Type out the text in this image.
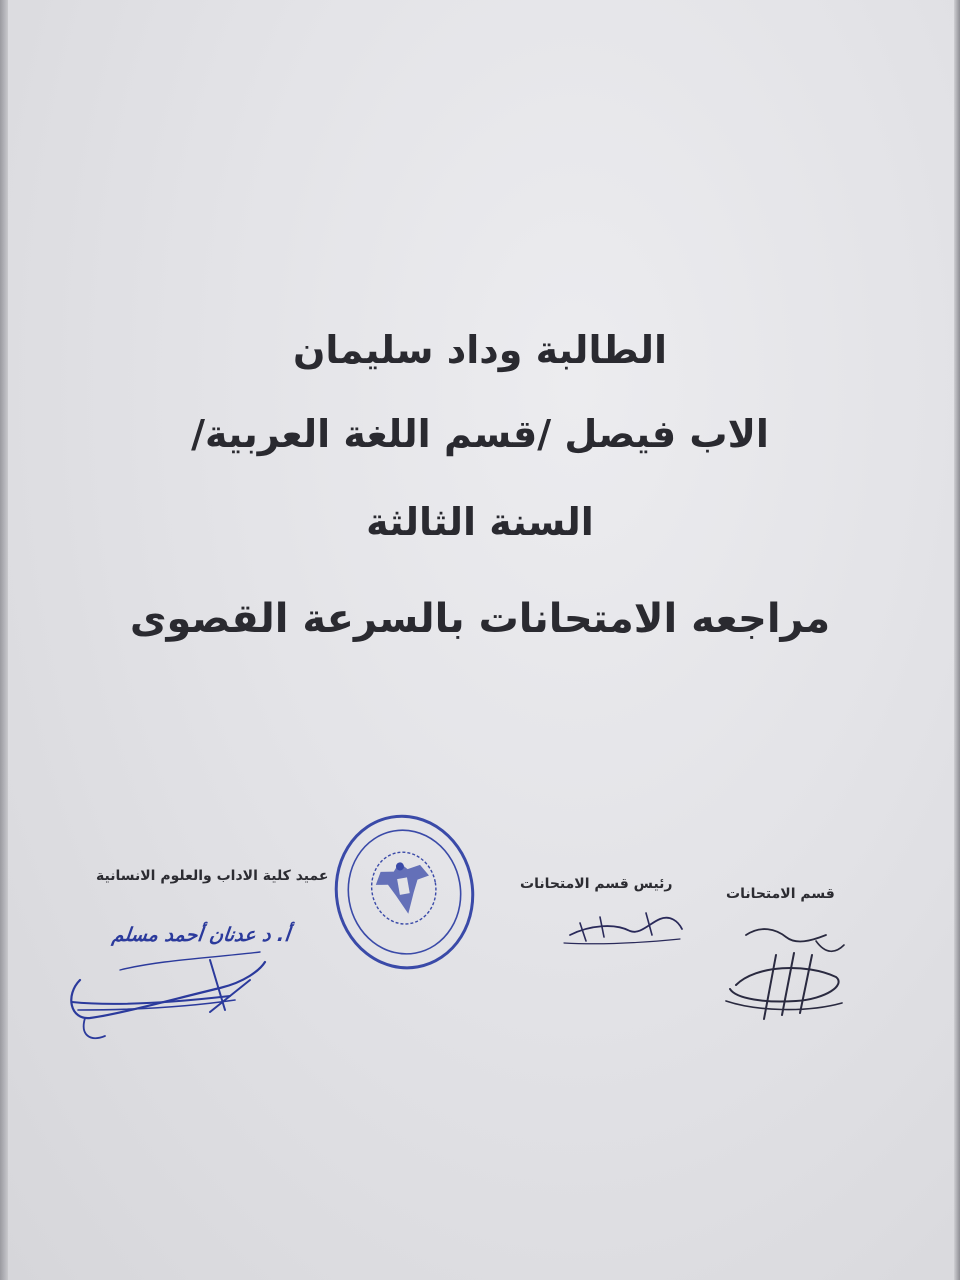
الطالبة وداد سليمان
الاب فيصل /قسم اللغة العربية/
السنة الثالثة
مراجعه الامتحانات بالسرعة القصوى
عميد كلية الاداب والعلوم الانسانية	رئيس قسم الامتحانات
قسم الامتحانات
أ. د عدنان أحمد مسلم
